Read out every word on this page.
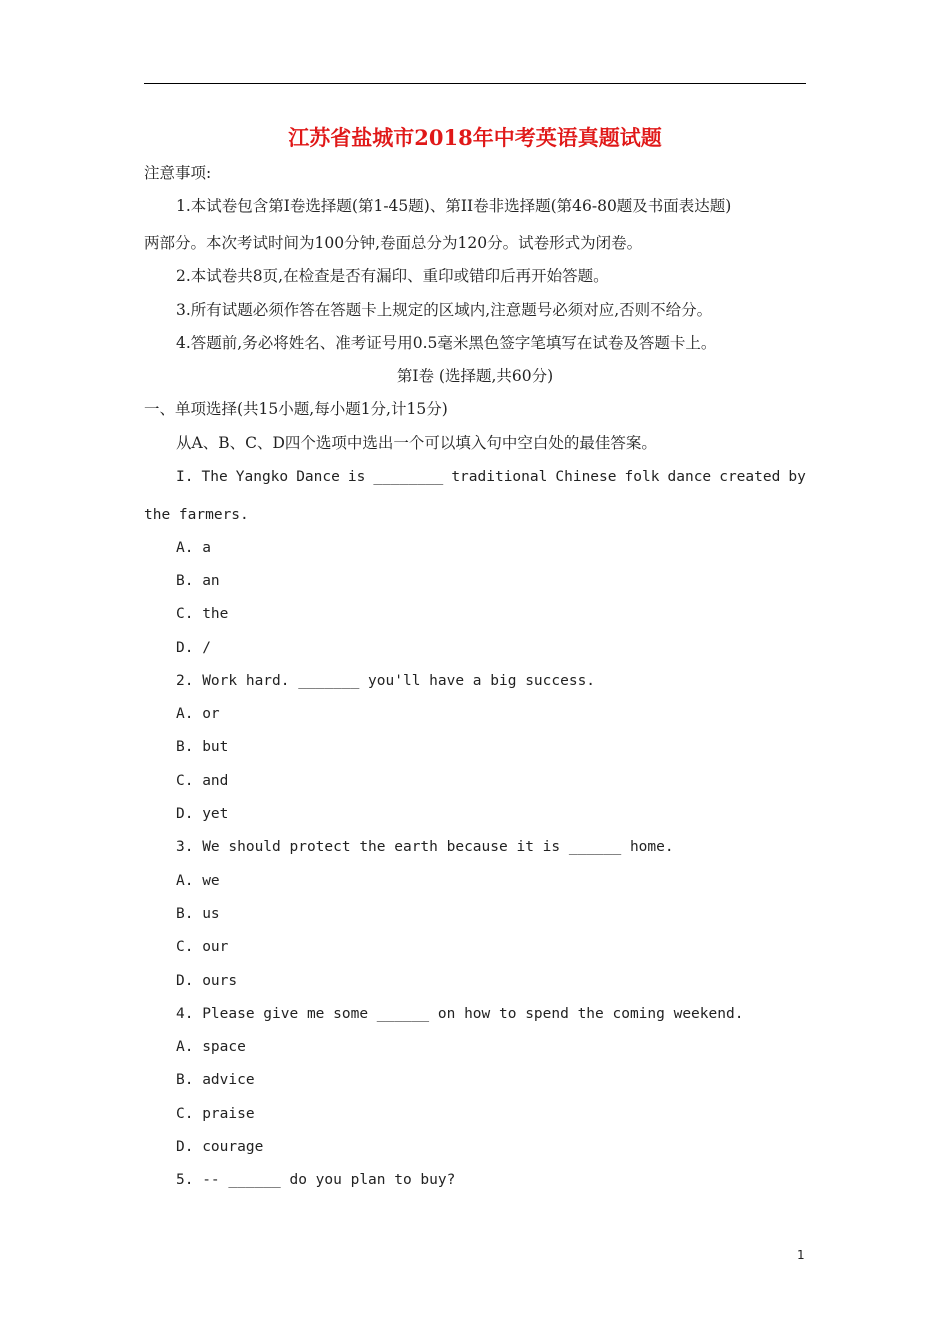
江苏省盐城市2018年中考英语真题试题
注意事项:
1.本试卷包含第I卷选择题(第1-45题)、第II卷非选择题(第46-80题及书面表达题)
两部分。本次考试时间为100分钟,卷面总分为120分。试卷形式为闭卷。
2.本试卷共8页,在检查是否有漏印、重印或错印后再开始答题。
3.所有试题必须作答在答题卡上规定的区域内,注意题号必须对应,否则不给分。
4.答题前,务必将姓名、准考证号用0.5毫米黑色签字笔填写在试卷及答题卡上。
第I卷 (选择题,共60分)
一、单项选择(共15小题,每小题1分,计15分)
从A、B、C、D四个选项中选出一个可以填入句中空白处的最佳答案。
I. The Yangko Dance is ________ traditional Chinese folk dance created by
the farmers.
A. a
B. an
C. the
D. /
2. Work hard. _______ you'll have a big success.
A. or
B. but
C. and
D. yet
3. We should protect the earth because it is ______ home.
A. we
B. us
C. our
D. ours
4. Please give me some ______ on how to spend the coming weekend.
A. space
B. advice
C. praise
D. courage
5. -- ______ do you plan to buy?
1
